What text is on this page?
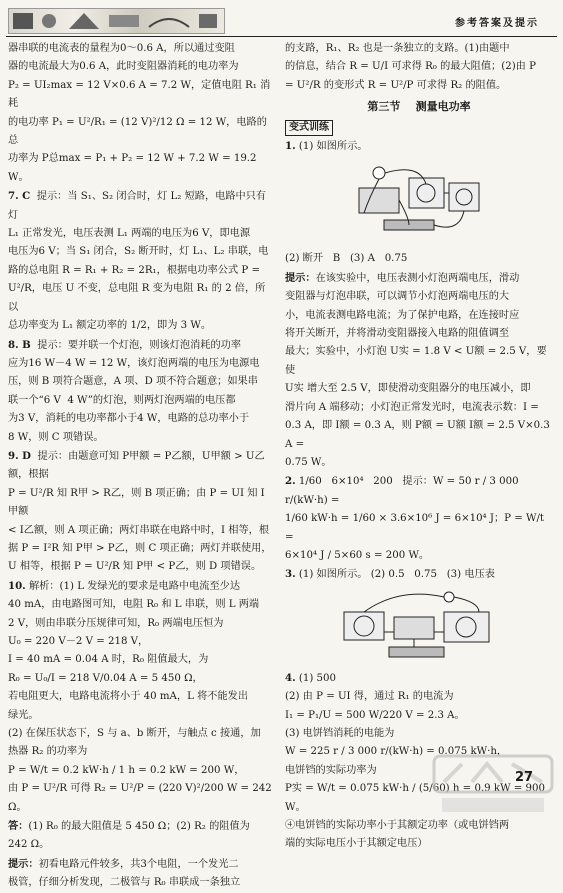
参考答案及提示

器串联的电流表的量程为0～0.6 A，所以通过变阻

器的电流最大为0.6 A，此时变阻器消耗的电功率为

P₂ = UI₂max = 12 V×0.6 A = 7.2 W，定值电阻 R₁ 消耗

的电功率 P₁ = U²/R₁ = (12 V)²/12 Ω = 12 W，电路的总

功率为 P总max = P₁ + P₂ = 12 W + 7.2 W = 19.2 W。

7. C  提示：当 S₁、S₂ 闭合时，灯 L₂ 短路，电路中只有灯

L₁ 正常发光，电压表测 L₁ 两端的电压为6 V，即电源

电压为6 V；当 S₁ 闭合，S₂ 断开时，灯 L₁、L₂ 串联，电

路的总电阻 R = R₁ + R₂ = 2R₁，根据电功率公式 P =

U²/R，电压 U 不变，总电阻 R 变为电阻 R₁ 的 2 倍，所以

总功率变为 L₁ 额定功率的 1/2，即为 3 W。

8. B  提示：要并联一个灯泡，则该灯泡消耗的功率

应为16 W－4 W = 12 W，该灯泡两端的电压为电源电

压，则 B 项符合题意，A 项、D 项不符合题意；如果串

联一个“6 V  4 W”的灯泡，则两灯泡两端的电压都

为3 V，消耗的电功率都小于4 W，电路的总功率小于

8 W，则 C 项错误。

9. D  提示：由题意可知 P甲额 = P乙额，U甲额 > U乙额，根据

P = U²/R 知 R甲 > R乙，则 B 项正确；由 P = UI 知 I甲额

< I乙额，则 A 项正确；两灯串联在电路中时，I 相等，根

据 P = I²R 知 P甲 > P乙，则 C 项正确；两灯并联使用，

U 相等，根据 P = U²/R 知 P甲 < P乙，则 D 项错误。

10. 解析：(1) L 发绿光的要求是电路中电流至少达

40 mA，由电路图可知，电阻 R₀ 和 L 串联，则 L 两端

2 V，则由串联分压规律可知，R₀ 两端电压恒为

U₀ = 220 V－2 V = 218 V，

I = 40 mA = 0.04 A 时，R₀ 阻值最大，为

R₀ = U₀/I = 218 V/0.04 A = 5 450 Ω，

若电阻更大，电路电流将小于 40 mA，L 将不能发出

绿光。

(2) 在保压状态下，S 与 a、b 断开，与触点 c 接通，加

热器 R₂ 的功率为

P = W/t = 0.2 kW·h / 1 h = 0.2 kW = 200 W，

由 P = U²/R 可得 R₂ = U²/P = (220 V)²/200 W = 242 Ω。

答：(1) R₀ 的最大阻值是 5 450 Ω；(2) R₂ 的阻值为

242 Ω。

提示：初看电路元件较多，共3个电阻，一个发光二

极管，仔细分析发现，二极管与 R₀ 串联成一条独立

的支路，R₁、R₂ 也是一条独立的支路。(1)由题中

的信息，结合 R = U/I 可求得 R₀ 的最大阻值；(2)由 P

= U²/R 的变形式 R = U²/P 可求得 R₂ 的阻值。

第三节    测量电功率

变式训练

1. (1) 如图所示。

(2) 断开   B   (3) A   0.75

提示：在该实验中，电压表测小灯泡两端电压，滑动

变阻器与灯泡串联，可以调节小灯泡两端电压的大

小，电流表测电路电流；为了保护电路，在连接时应

将开关断开，并将滑动变阻器接入电路的阻值调至

最大；实验中，小灯泡 U实 = 1.8 V < U额 = 2.5 V，要使

U实 增大至 2.5 V，即使滑动变阻器分的电压减小，即

滑片向 A 端移动；小灯泡正常发光时，电流表示数：I =

0.3 A，即 I额 = 0.3 A，则 P额 = U额 I额 = 2.5 V×0.3 A =

0.75 W。

2. 1/60   6×10⁴   200   提示：W = 50 r / 3 000 r/(kW·h) =

1/60 kW·h = 1/60 × 3.6×10⁶ J = 6×10⁴ J；P = W/t =

6×10⁴ J / 5×60 s = 200 W。

3. (1) 如图所示。 (2) 0.5   0.75   (3) 电压表

4. (1) 500

(2) 由 P = UI 得，通过 R₁ 的电流为

I₁ = P₁/U = 500 W/220 V = 2.3 A。

(3) 电饼铛消耗的电能为

W = 225 r / 3 000 r/(kW·h) = 0.075 kW·h，

电饼铛的实际功率为

P实 = W/t = 0.075 kW·h / (5/60) h = 0.9 kW = 900 W。

④电饼铛的实际功率小于其额定功率（或电饼铛两

端的实际电压小于其额定电压）

27
